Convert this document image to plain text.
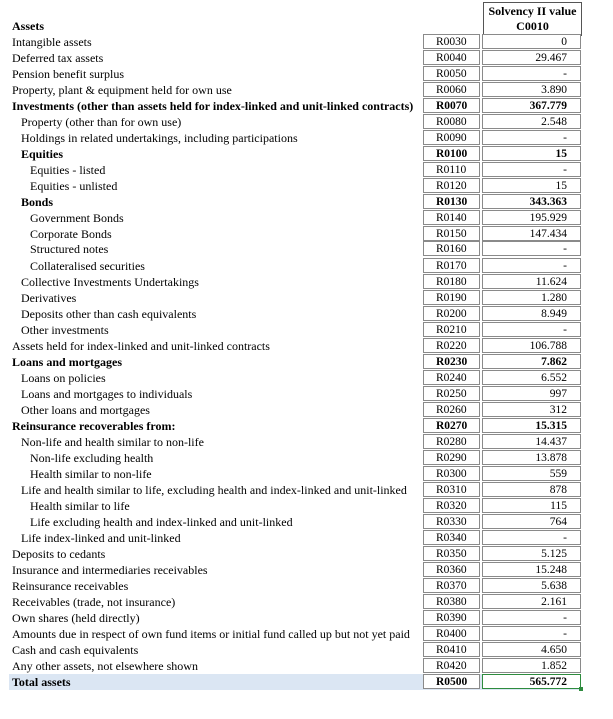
Solvency II value
C0010
Assets
Intangible assets	R0030	0
Deferred tax assets	R0040	29.467
Pension benefit surplus	R0050	-
Property, plant & equipment held for own use	R0060	3.890
Investments (other than assets held for index-linked and unit-linked contracts)	R0070	367.779
Property (other than for own use)	R0080	2.548
Holdings in related undertakings, including participations	R0090	-
Equities	R0100	15
Equities - listed	R0110	-
Equities - unlisted	R0120	15
Bonds	R0130	343.363
Government Bonds	R0140	195.929
Corporate Bonds	R0150	147.434
Structured notes	R0160	-
Collateralised securities	R0170	-
Collective Investments Undertakings	R0180	11.624
Derivatives	R0190	1.280
Deposits other than cash equivalents	R0200	8.949
Other investments	R0210	-
Assets held for index-linked and unit-linked contracts	R0220	106.788
Loans and mortgages	R0230	7.862
Loans on policies	R0240	6.552
Loans and mortgages to individuals	R0250	997
Other loans and mortgages	R0260	312
Reinsurance recoverables from:	R0270	15.315
Non-life and health similar to non-life	R0280	14.437
Non-life excluding health	R0290	13.878
Health similar to non-life	R0300	559
Life and health similar to life, excluding health and index-linked and unit-linked	R0310	878
Health similar to life	R0320	115
Life excluding health and index-linked and unit-linked	R0330	764
Life index-linked and unit-linked	R0340	-
Deposits to cedants	R0350	5.125
Insurance and intermediaries receivables	R0360	15.248
Reinsurance receivables	R0370	5.638
Receivables (trade, not insurance)	R0380	2.161
Own shares (held directly)	R0390	-
Amounts due in respect of own fund items or initial fund called up but not yet paid	R0400	-
Cash and cash equivalents	R0410	4.650
Any other assets, not elsewhere shown	R0420	1.852
Total assets	R0500	565.772
